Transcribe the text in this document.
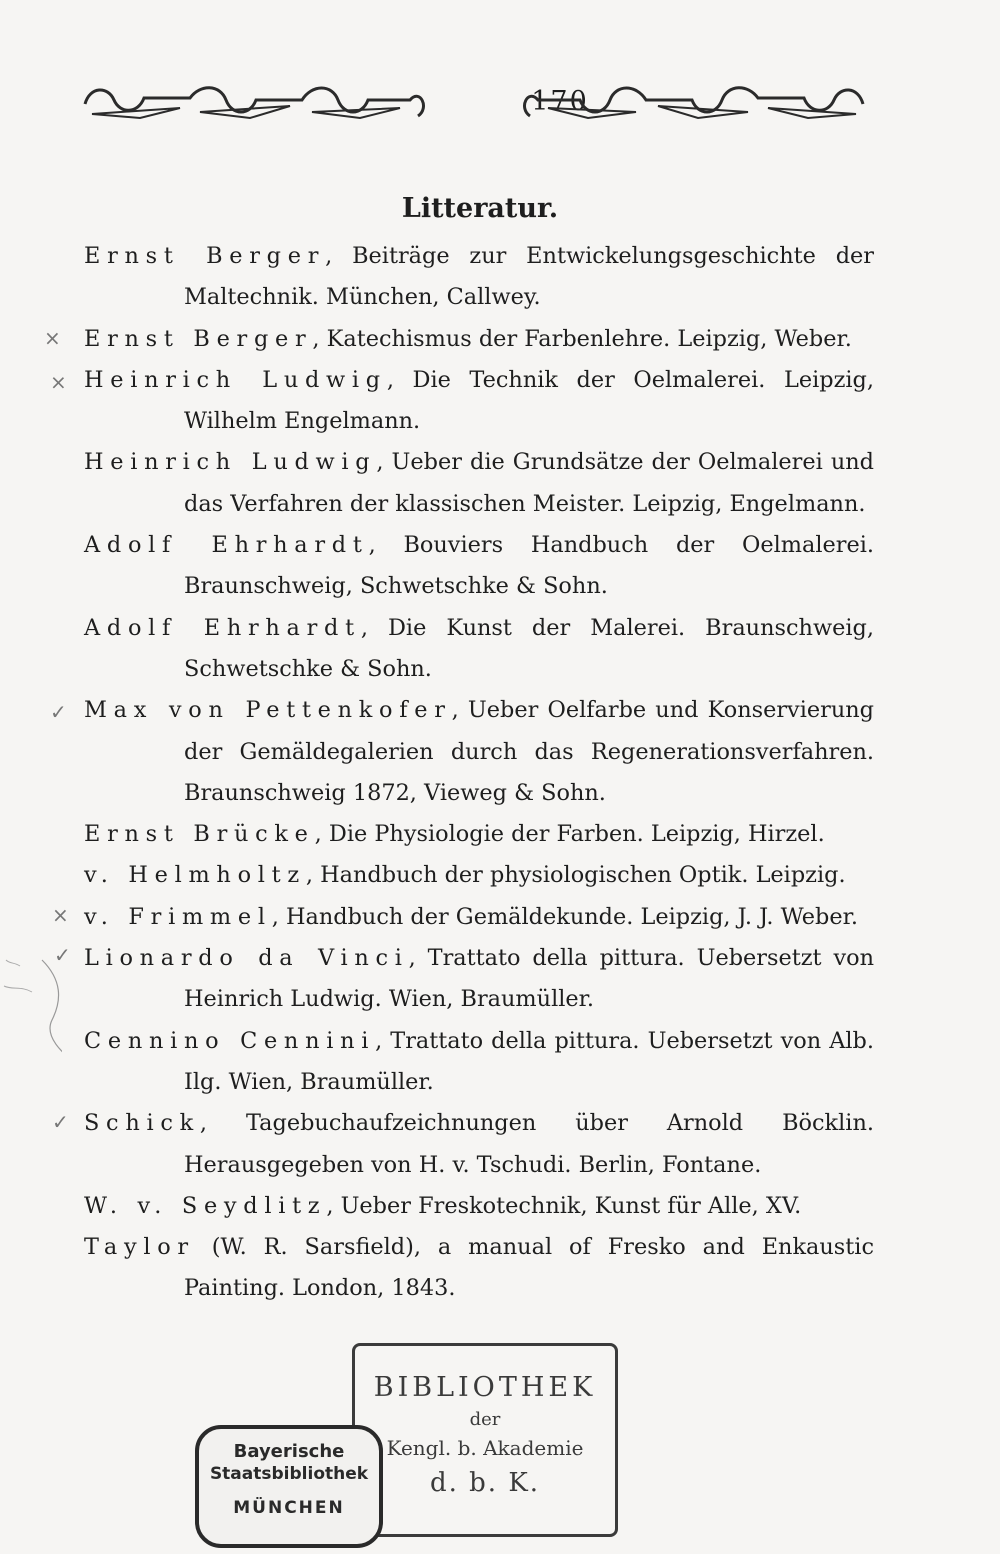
170
Litteratur.
Ernst Berger, Beiträge zur Entwickelungsgeschichte der Maltechnik. München, Callwey.
Ernst Berger, Katechismus der Farbenlehre. Leipzig, Weber.
Heinrich Ludwig, Die Technik der Oelmalerei. Leipzig, Wilhelm Engelmann.
Heinrich Ludwig, Ueber die Grundsätze der Oelmalerei und das Verfahren der klassischen Meister. Leipzig, Engelmann.
Adolf Ehrhardt, Bouviers Handbuch der Oelmalerei. Braunschweig, Schwetschke & Sohn.
Adolf Ehrhardt, Die Kunst der Malerei. Braunschweig, Schwetschke & Sohn.
Max von Pettenkofer, Ueber Oelfarbe und Konservierung der Gemäldegalerien durch das Regenerationsverfahren. Braunschweig 1872, Vieweg & Sohn.
Ernst Brücke, Die Physiologie der Farben. Leipzig, Hirzel.
v. Helmholtz, Handbuch der physiologischen Optik. Leipzig.
v. Frimmel, Handbuch der Gemäldekunde. Leipzig, J. J. Weber.
Lionardo da Vinci, Trattato della pittura. Uebersetzt von Heinrich Ludwig. Wien, Braumüller.
Cennino Cennini, Trattato della pittura. Uebersetzt von Alb. Ilg. Wien, Braumüller.
Schick, Tagebuchaufzeichnungen über Arnold Böcklin. Herausgegeben von H. v. Tschudi. Berlin, Fontane.
W. v. Seydlitz, Ueber Freskotechnik, Kunst für Alle, XV.
Taylor (W. R. Sarsfield), a manual of Fresko and Enkaustic Painting. London, 1843.
×
⨯
✓
×
✓
✓
BIBLIOTHEK
der
Kengl. b. Akademie
d. b. K.
Bayerische
Staatsbibliothek
MÜNCHEN
